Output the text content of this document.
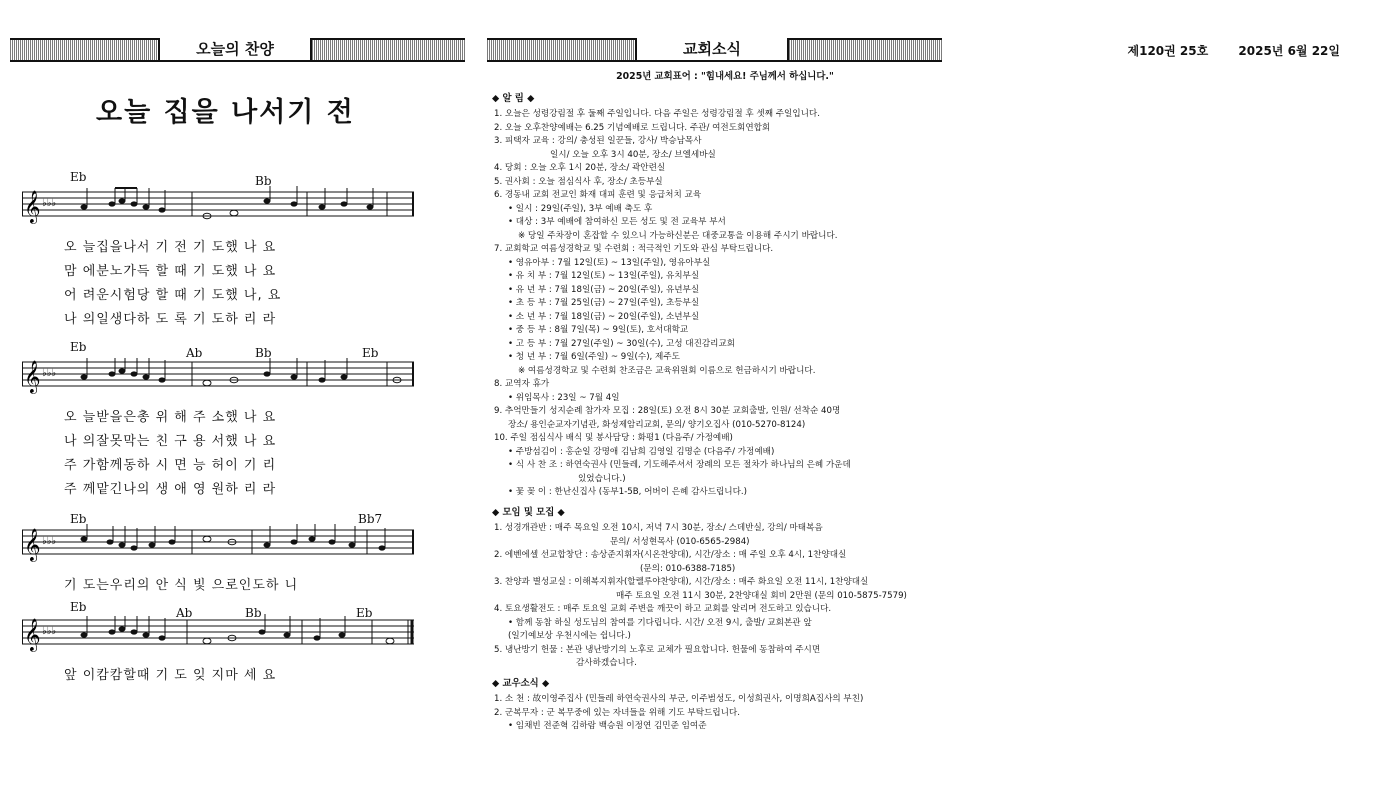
오늘의 찬양	교회소식	제120권 25호	2025년 6월 22일
오늘 집을 나서기 전
Eb	Bb
𝄞 ♭♭♭
오 늘집을나서 기 전 기 도했 나 요
맘 에분노가득 할 때 기 도했 나 요
어 려운시험당 할 때 기 도했 나, 요
나 의일생다하 도 록 기 도하 리 라
Eb	Ab	Bb	Eb
𝄞 ♭♭♭
오 늘받을은총 위 해 주 소했 나 요
나 의잘못막는 친 구 용 서했 나 요
주 가함께동하 시 면 능 허이 기 리
주 께맡긴나의 생 애 영 원하 리 라
Eb	Bb7
𝄞 ♭♭♭
기 도는우리의 안 식 빛 으로인도하 니
Eb	Ab	Bb	Eb
𝄞 ♭♭♭
앞 이캄캄할때 기 도 잊 지마 세 요
2025년 교회표어 : "힘내세요! 주님께서 하십니다."
◆ 알 림 ◆
1. 오늘은 성령강림절 후 둘째 주일입니다. 다음 주일은 성령강림절 후 셋째 주일입니다.
2. 오늘 오후찬양예배는 6.25 기념예배로 드립니다. 주관/ 여전도회연합회
3. 피택자 교육 : 강의/ 충성된 일꾼들, 강사/ 박승남목사
일시/ 오늘 오후 3시 40분, 장소/ 브엘세바실
4. 당회 : 오늘 오후 1시 20분, 장소/ 곽안련실
5. 권사회 : 오늘 점심식사 후, 장소/ 초등부실
6. 경동내 교회 전교인 화재 대피 훈련 및 응급처치 교육
• 일시 : 29일(주일), 3부 예배 축도 후
• 대상 : 3부 예배에 참여하신 모든 성도 및 전 교육부 부서
※ 당일 주차장이 혼잡할 수 있으니 가능하신분은 대중교통을 이용해 주시기 바랍니다.
7. 교회학교 여름성경학교 및 수련회 : 적극적인 기도와 관심 부탁드립니다.
• 영유아부 : 7월 12일(토) ~ 13일(주일), 영유아부실
• 유 치 부 : 7월 12일(토) ~ 13일(주일), 유치부실
• 유 년 부 : 7월 18일(금) ~ 20일(주일), 유년부실
• 초 등 부 : 7월 25일(금) ~ 27일(주일), 초등부실
• 소 년 부 : 7월 18일(금) ~ 20일(주일), 소년부실
• 중 등 부 : 8월 7일(목) ~ 9일(토), 호서대학교
• 고 등 부 : 7월 27일(주일) ~ 30일(수), 고성 대진감리교회
• 청 년 부 : 7월 6일(주일) ~ 9일(수), 제주도
※ 여름성경학교 및 수련회 찬조금은 교육위원회 이름으로 헌금하시기 바랍니다.
8. 교역자 휴가
• 위임목사 : 23일 ~ 7월 4일
9. 추억만들기 성지순례 참가자 모집 : 28일(토) 오전 8시 30분 교회출발, 인원/ 선착순 40명
장소/ 용인순교자기념관, 화성제암리교회, 문의/ 양기오집사 (010-5270-8124)
10. 주일 점심식사 배식 및 봉사담당 : 화평1 (다음주/ 가정예배)
• 주방섬김이 : 홍순일 강명애 김남희 김영일 김명순 (다음주/ 가정예배)
• 식 사 찬 조 : 하연숙권사 (민들레, 기도해주셔서 장례의 모든 절차가 하나님의 은혜 가운데
있었습니다.)
• 꽃 꽂 이 : 한난신집사 (동부1-5B, 어버이 은혜 감사드립니다.)
◆ 모임 및 모집 ◆
1. 성경개관반 : 매주 목요일 오전 10시, 저녁 7시 30분, 장소/ 스데반실, 강의/ 마태복음
문의/ 서성현목사 (010-6565-2984)
2. 에벤에셀 선교합창단 : 송상준지휘자(시온찬양대), 시간/장소 : 매 주일 오후 4시, 1찬양대실
(문의: 010-6388-7185)
3. 찬양과 별성교실 : 이해복지휘자(할렐루야찬양대), 시간/장소 : 매주 화요일 오전 11시, 1찬양대실
매주 토요일 오전 11시 30분, 2찬양대실 회비 2만원 (문의 010-5875-7579)
4. 토요생활전도 : 매주 토요일 교회 주변을 깨끗이 하고 교회를 알리며 전도하고 있습니다.
• 함께 동참 하실 성도님의 참여를 기다립니다. 시간/ 오전 9시, 출발/ 교회본관 앞
(일기예보상 우천시에는 쉽니다.)
5. 냉난방기 헌물 : 본관 냉난방기의 노후로 교체가 필요합니다. 헌물에 동참하여 주시면
감사하겠습니다.
◆ 교우소식 ◆
1. 소 천 : 故이영주집사 (민들레 하연숙권사의 부군, 이주범성도, 이성희권사, 이명희A집사의 부친)
2. 군복무자 : 군 복무중에 있는 자녀들을 위해 기도 부탁드립니다.
• 임채빈 전준혁 김하람 백승원 이정연 김민준 임여준
